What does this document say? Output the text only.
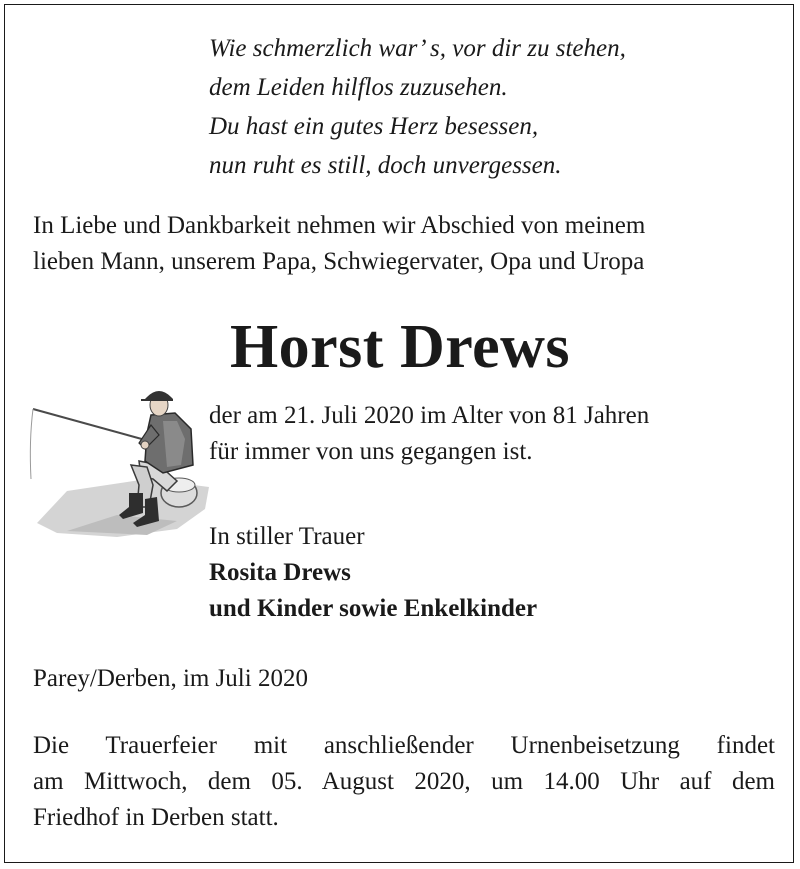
Wie schmerzlich war’ s, vor dir zu stehen,
dem Leiden hilflos zuzusehen.
Du hast ein gutes Herz besessen,
nun ruht es still, doch unvergessen.
In Liebe und Dankbarkeit nehmen wir Abschied von meinem
lieben Mann, unserem Papa, Schwiegervater, Opa und Uropa
Horst Drews
der am 21. Juli 2020 im Alter von 81 Jahren
für immer von uns gegangen ist.
In stiller Trauer
Rosita Drews
und Kinder sowie Enkelkinder
Parey/Derben, im Juli 2020
Die Trauerfeier mit anschließender Urnenbeisetzung findet
am Mittwoch, dem 05. August 2020, um 14.00 Uhr auf dem
Friedhof in Derben statt.
